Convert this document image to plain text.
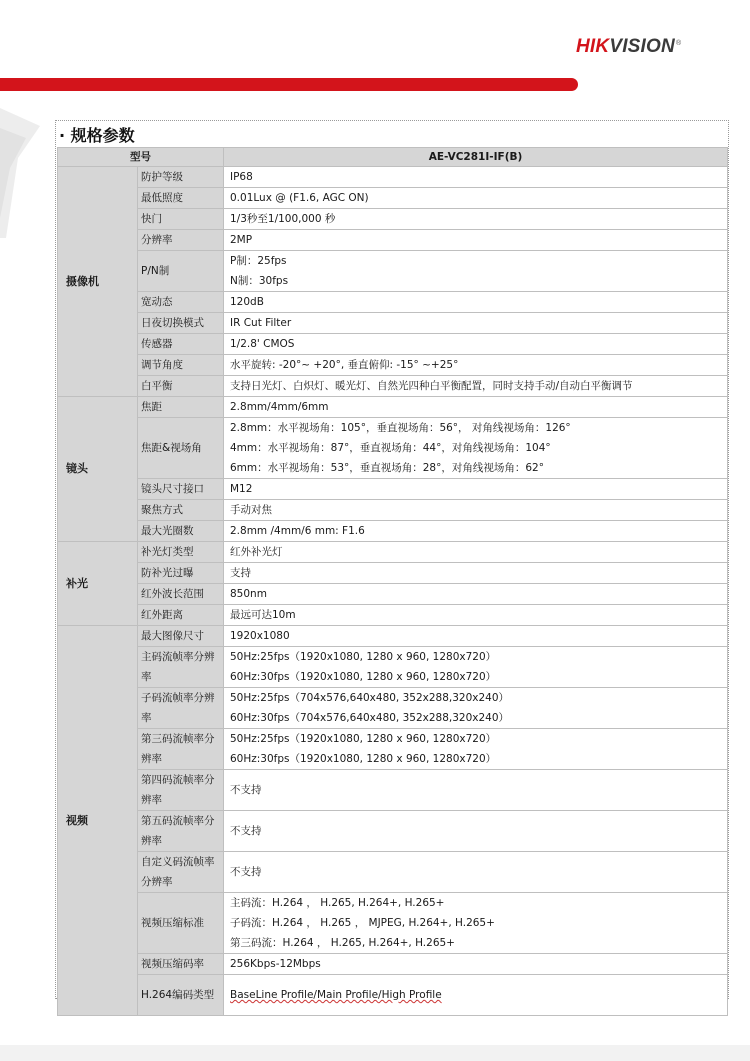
HIKVISION®
· 规格参数
型号		AE-VC281I-IF(B)
摄像机	防护等级	IP68

	最低照度	0.01Lux @ (F1.6, AGC ON)

	快门	1/3秒至1/100,000 秒

	分辨率	2MP

	P/N制	P制：25fps
N制：30fps

	宽动态	120dB

	日夜切换模式	IR Cut Filter

	传感器	1/2.8' CMOS

	调节角度	水平旋转: -20°~ +20°, 垂直俯仰: -15° ~+25°

	白平衡	支持日光灯、白炽灯、暖光灯、自然光四种白平衡配置，同时支持手动/自动白平衡调节

镜头	焦距	2.8mm/4mm/6mm

	焦距&视场角	2.8mm：水平视场角：105°，垂直视场角：56°， 对角线视场角：126°
4mm：水平视场角：87°，垂直视场角：44°，对角线视场角：104°
6mm：水平视场角：53°，垂直视场角：28°，对角线视场角：62°

	镜头尺寸接口	M12

	聚焦方式	手动对焦

	最大光圈数	2.8mm /4mm/6 mm: F1.6

补光	补光灯类型	红外补光灯

	防补光过曝	支持

	红外波长范围	850nm

	红外距离	最远可达10m

视频	最大图像尺寸	1920x1080

	主码流帧率分辨率	50Hz:25fps（1920x1080, 1280 x 960, 1280x720）
60Hz:30fps（1920x1080, 1280 x 960, 1280x720）

	子码流帧率分辨率	50Hz:25fps（704x576,640x480, 352x288,320x240）
60Hz:30fps（704x576,640x480, 352x288,320x240）

	第三码流帧率分辨率	50Hz:25fps（1920x1080, 1280 x 960, 1280x720）
60Hz:30fps（1920x1080, 1280 x 960, 1280x720）

	第四码流帧率分辨率	不支持

	第五码流帧率分辨率	不支持

	自定义码流帧率分辨率	不支持

	视频压缩标准	主码流：H.264 ， H.265, H.264+, H.265+
子码流：H.264 ， H.265 ， MJPEG, H.264+, H.265+
第三码流：H.264 ， H.265, H.264+, H.265+

	视频压缩码率	256Kbps-12Mbps

	H.264编码类型	BaseLine Profile/Main Profile/High Profile
